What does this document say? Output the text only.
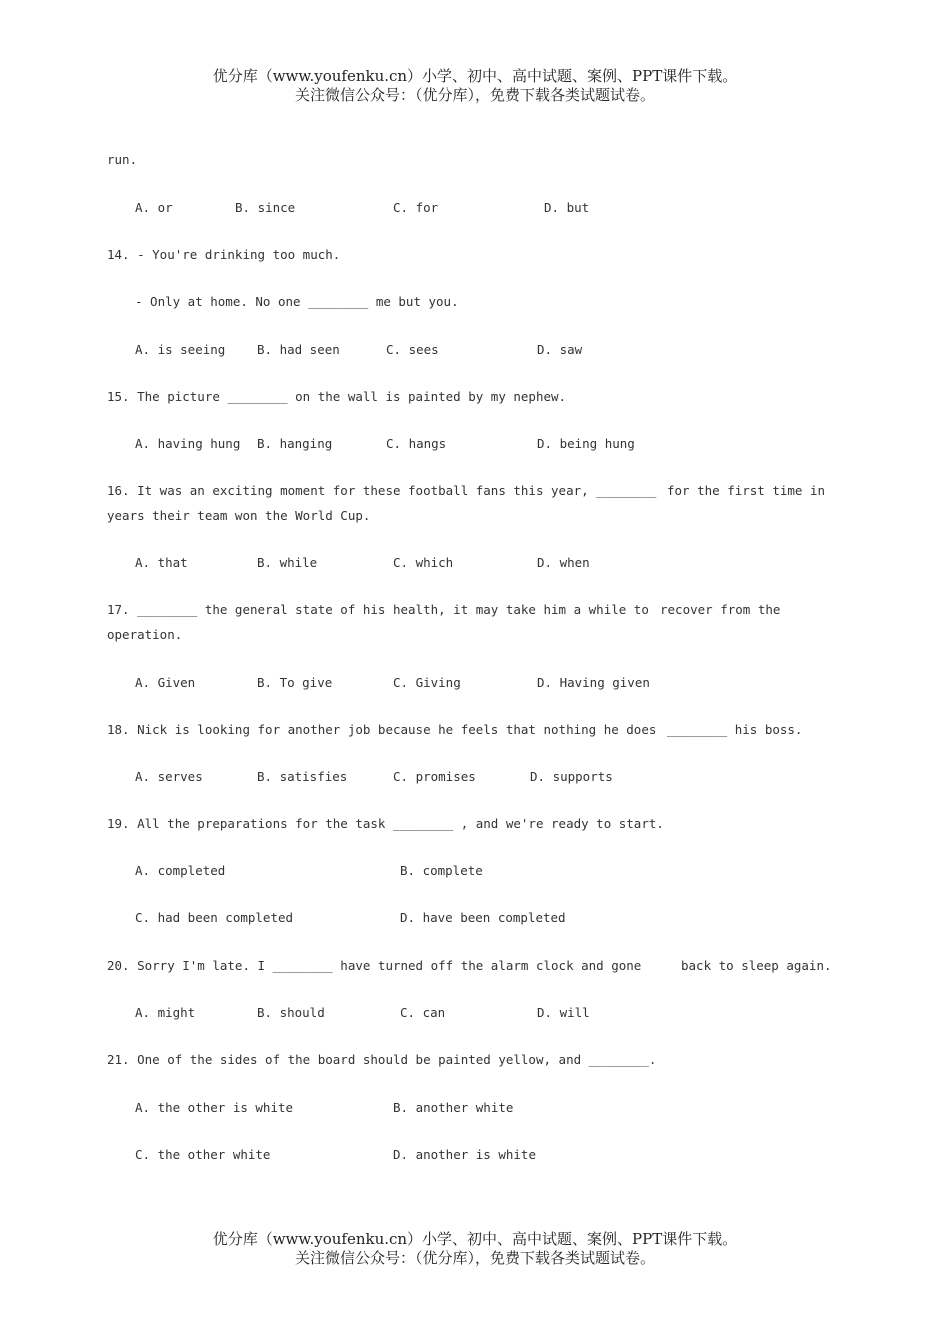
优分库（www.youfenku.cn）小学、初中、高中试题、案例、PPT课件下载。
关注微信公众号：（优分库），免费下载各类试题试卷。
run.
A. or	B. since	C. for	D. but
14. - You're drinking too much.
- Only at home. No one ________ me but you.
A. is seeing	B. had seen	C. sees	D. saw
15. The picture ________ on the wall is painted by my nephew.
A. having hung B. hanging	C. hangs	D. being hung
16. It was an exciting moment for these football fans this year, ________ for the first time in
years their team won the World Cup.
A. that	B. while	C. which	D. when
17. ________ the general state of his health, it may take him a while to recover from the
operation.
A. Given	B. To give	C. Giving	D. Having given
18. Nick is looking for another job because he feels that nothing he does ________ his boss.
A. serves	B. satisfies	C. promises	D. supports
19. All the preparations for the task ________ , and we're ready to start.
A. completed	B. complete
C. had been completed	D. have been completed
20. Sorry I'm late. I ________ have turned off the alarm clock and gone	back to sleep again.
A. might	B. should	C. can	D. will
21. One of the sides of the board should be painted yellow, and ________.
A. the other is white	B. another white
C. the other white	D. another is white
优分库（www.youfenku.cn）小学、初中、高中试题、案例、PPT课件下载。
关注微信公众号：（优分库），免费下载各类试题试卷。
